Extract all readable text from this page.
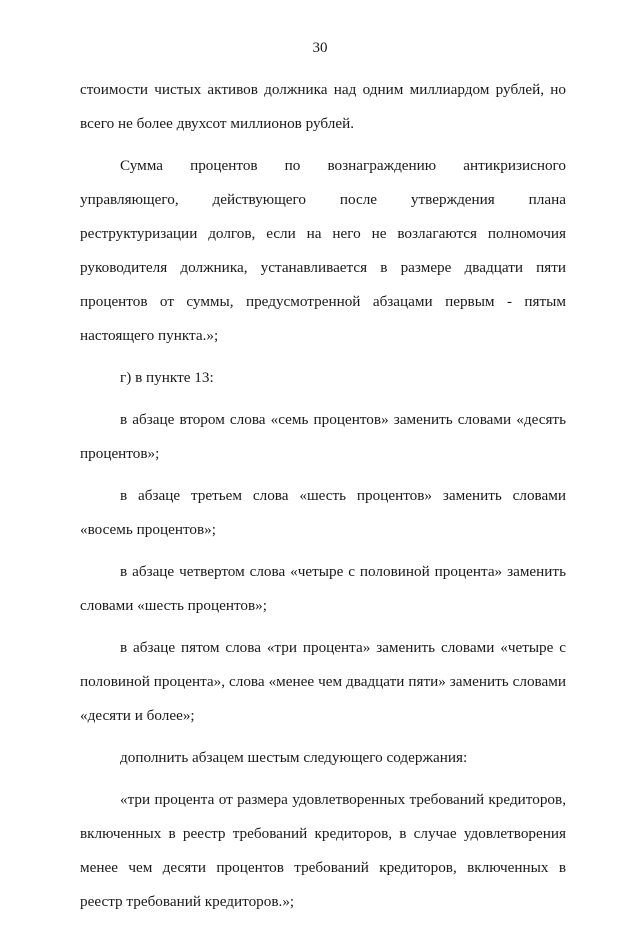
30

стоимости чистых активов должника над одним миллиардом рублей, но всего не более двухсот миллионов рублей.

Сумма процентов по вознаграждению антикризисного управляющего, действующего после утверждения плана реструктуризации долгов, если на него не возлагаются полномочия руководителя должника, устанавливается в размере двадцати пяти процентов от суммы, предусмотренной абзацами первым - пятым настоящего пункта.»;

г) в пункте 13:

в абзаце втором слова «семь процентов» заменить словами «десять процентов»;

в абзаце третьем слова «шесть процентов» заменить словами «восемь процентов»;

в абзаце четвертом слова «четыре с половиной процента» заменить словами «шесть процентов»;

в абзаце пятом слова «три процента» заменить словами «четыре с половиной процента», слова «менее чем двадцати пяти» заменить словами «десяти и более»;

дополнить абзацем шестым следующего содержания:

«три процента от размера удовлетворенных требований кредиторов, включенных в реестр требований кредиторов, в случае удовлетворения менее чем десяти процентов требований кредиторов, включенных в реестр требований кредиторов.»;
